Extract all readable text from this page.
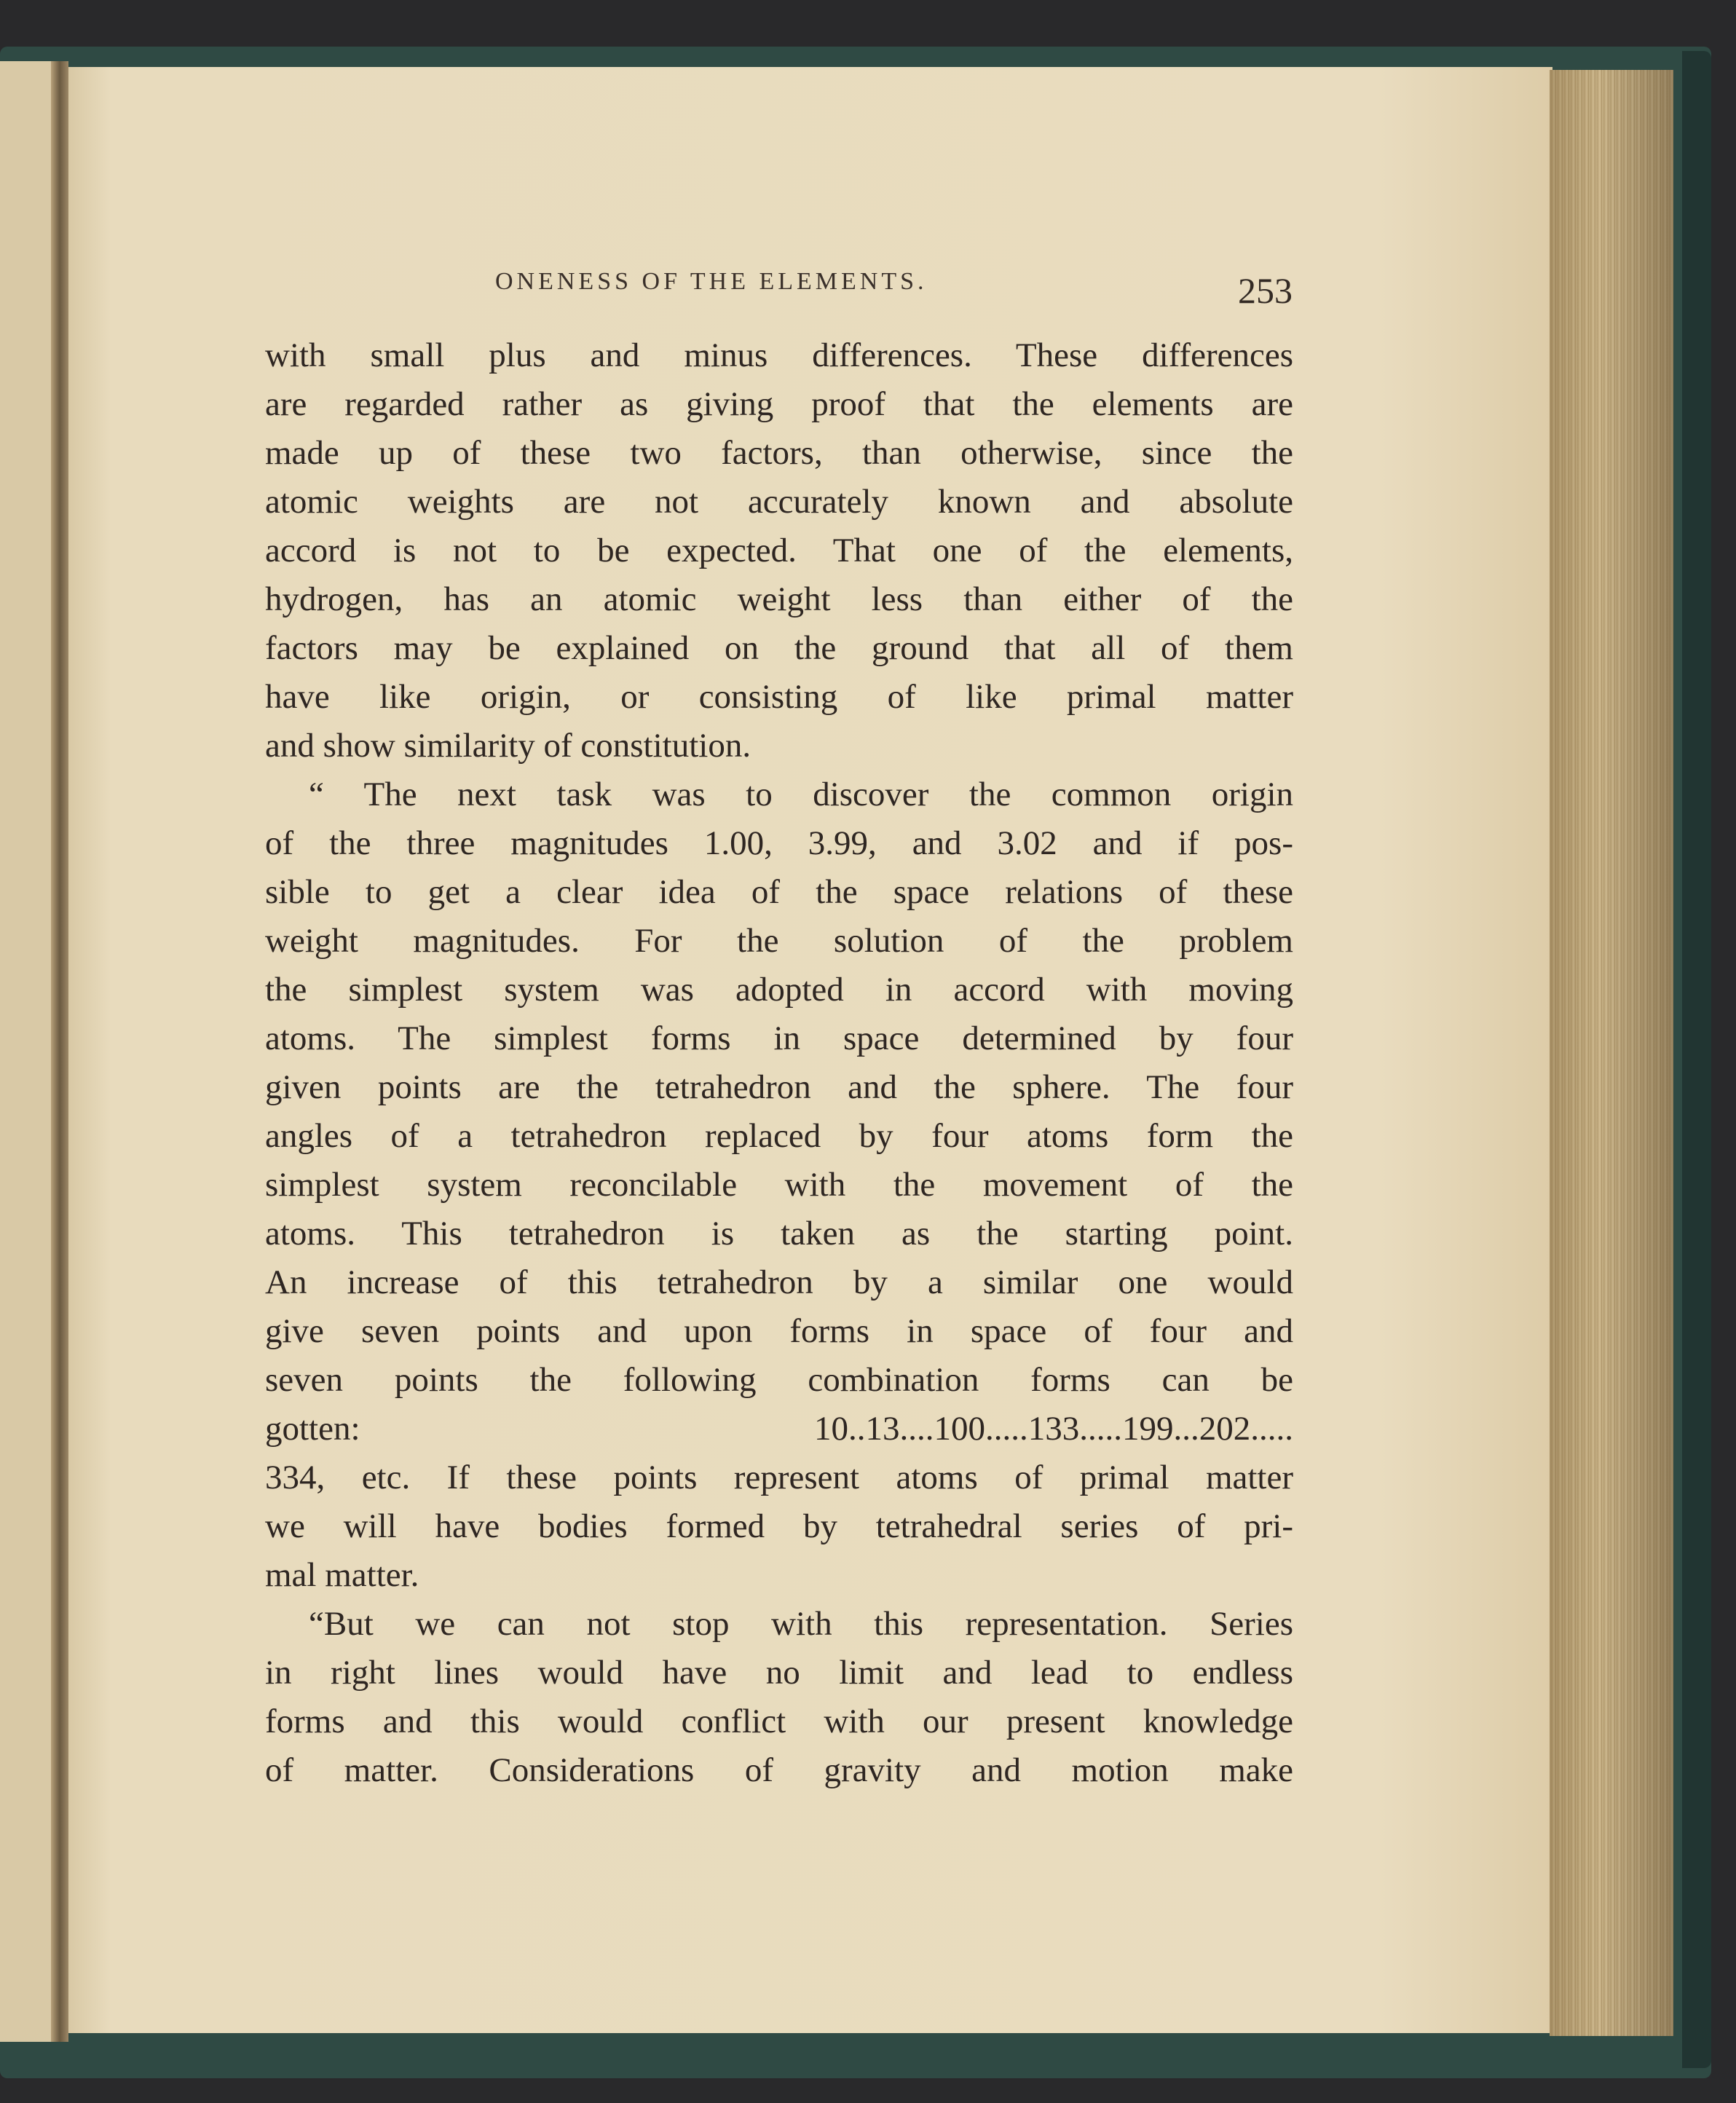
ONENESS OF THE ELEMENTS.	253
with small plus and minus differences. These differences
are regarded rather as giving proof that the elements are
made up of these two factors, than otherwise, since the
atomic weights are not accurately known and absolute
accord is not to be expected. That one of the elements,
hydrogen, has an atomic weight less than either of the
factors may be explained on the ground that all of them
have like origin, or consisting of like primal matter
and show similarity of constitution.
“ The next task was to discover the common origin
of the three magnitudes 1.00, 3.99, and 3.02 and if pos-
sible to get a clear idea of the space relations of these
weight magnitudes. For the solution of the problem
the simplest system was adopted in accord with moving
atoms. The simplest forms in space determined by four
given points are the tetrahedron and the sphere. The four
angles of a tetrahedron replaced by four atoms form the
simplest system reconcilable with the movement of the
atoms. This tetrahedron is taken as the starting point.
An increase of this tetrahedron by a similar one would
give seven points and upon forms in space of four and
seven points the following combination forms can be
gotten: 10..13....100.....133.....199...202.....
334, etc. If these points represent atoms of primal matter
we will have bodies formed by tetrahedral series of pri-
mal matter.
“But we can not stop with this representation. Series
in right lines would have no limit and lead to endless
forms and this would conflict with our present knowledge
of matter. Considerations of gravity and motion make
